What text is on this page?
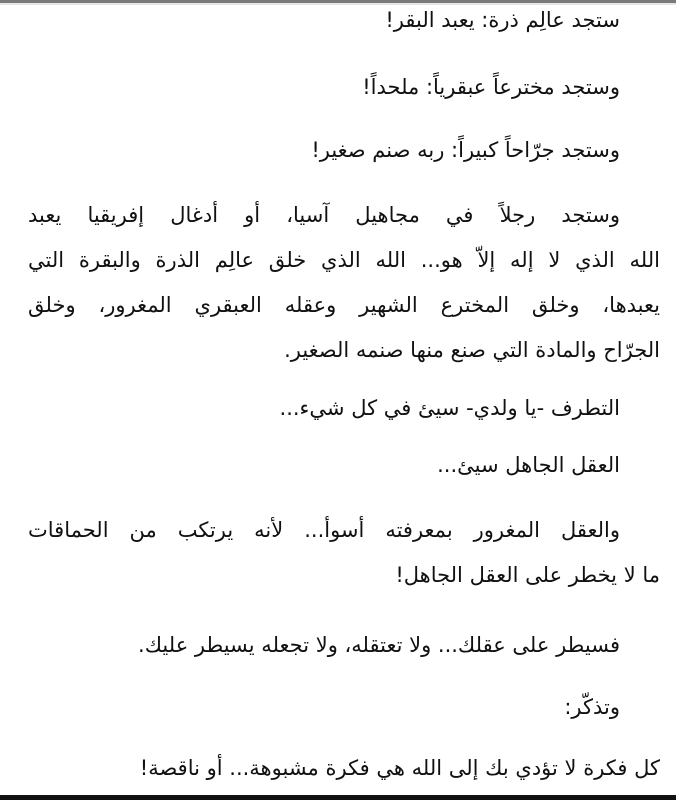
ستجد عالِم ذرة: يعبد البقر!
وستجد مخترعاً عبقرياً: ملحداً!
وستجد جرّاحاً كبيراً: ربه صنم صغير!
وستجد رجلاً في مجاهيل آسيا، أو أدغال إفريقيا يعبد
الله الذي لا إله إلاّ هو... الله الذي خلق عالِم الذرة والبقرة التي
يعبدها، وخلق المخترع الشهير وعقله العبقري المغرور، وخلق
الجرّاح والمادة التي صنع منها صنمه الصغير.
التطرف -يا ولدي- سيئ في كل شيء...
العقل الجاهل سيئ...
والعقل المغرور بمعرفته أسوأ... لأنه يرتكب من الحماقات
ما لا يخطر على العقل الجاهل!
فسيطر على عقلك... ولا تعتقله، ولا تجعله يسيطر عليك.
وتذكّر:
كل فكرة لا تؤدي بك إلى الله هي فكرة مشبوهة... أو ناقصة!
